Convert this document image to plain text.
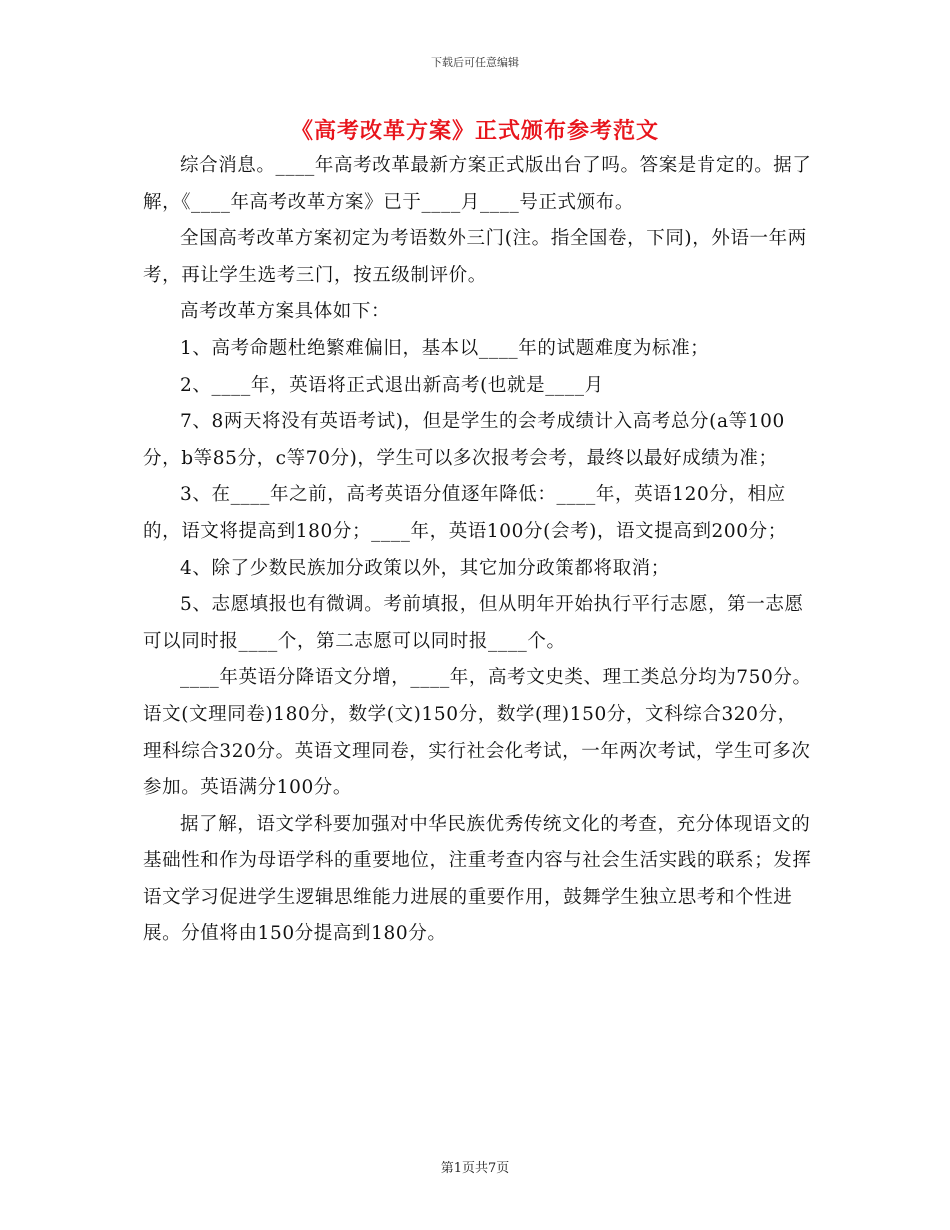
下载后可任意编辑
《高考改革方案》正式颁布参考范文

综合消息。____年高考改革最新方案正式版出台了吗。答案是肯定的。据了解，《____年高考改革方案》已于____月____号正式颁布。

全国高考改革方案初定为考语数外三门(注。指全国卷，下同)，外语一年两考，再让学生选考三门，按五级制评价。

高考改革方案具体如下：

1、高考命题杜绝繁难偏旧，基本以____年的试题难度为标准；

2、____年，英语将正式退出新高考(也就是____月

7、8两天将没有英语考试)，但是学生的会考成绩计入高考总分(a等100分，b等85分，c等70分)，学生可以多次报考会考，最终以最好成绩为准；

3、在____年之前，高考英语分值逐年降低：____年，英语120分，相应的，语文将提高到180分；____年，英语100分(会考)，语文提高到200分；

4、除了少数民族加分政策以外，其它加分政策都将取消；

5、志愿填报也有微调。考前填报，但从明年开始执行平行志愿，第一志愿可以同时报____个，第二志愿可以同时报____个。

____年英语分降语文分增，____年，高考文史类、理工类总分均为750分。语文(文理同卷)180分，数学(文)150分，数学(理)150分，文科综合320分，理科综合320分。英语文理同卷，实行社会化考试，一年两次考试，学生可多次参加。英语满分100分。

据了解，语文学科要加强对中华民族优秀传统文化的考查，充分体现语文的基础性和作为母语学科的重要地位，注重考查内容与社会生活实践的联系；发挥语文学习促进学生逻辑思维能力进展的重要作用，鼓舞学生独立思考和个性进展。分值将由150分提高到180分。

第1页共7页
